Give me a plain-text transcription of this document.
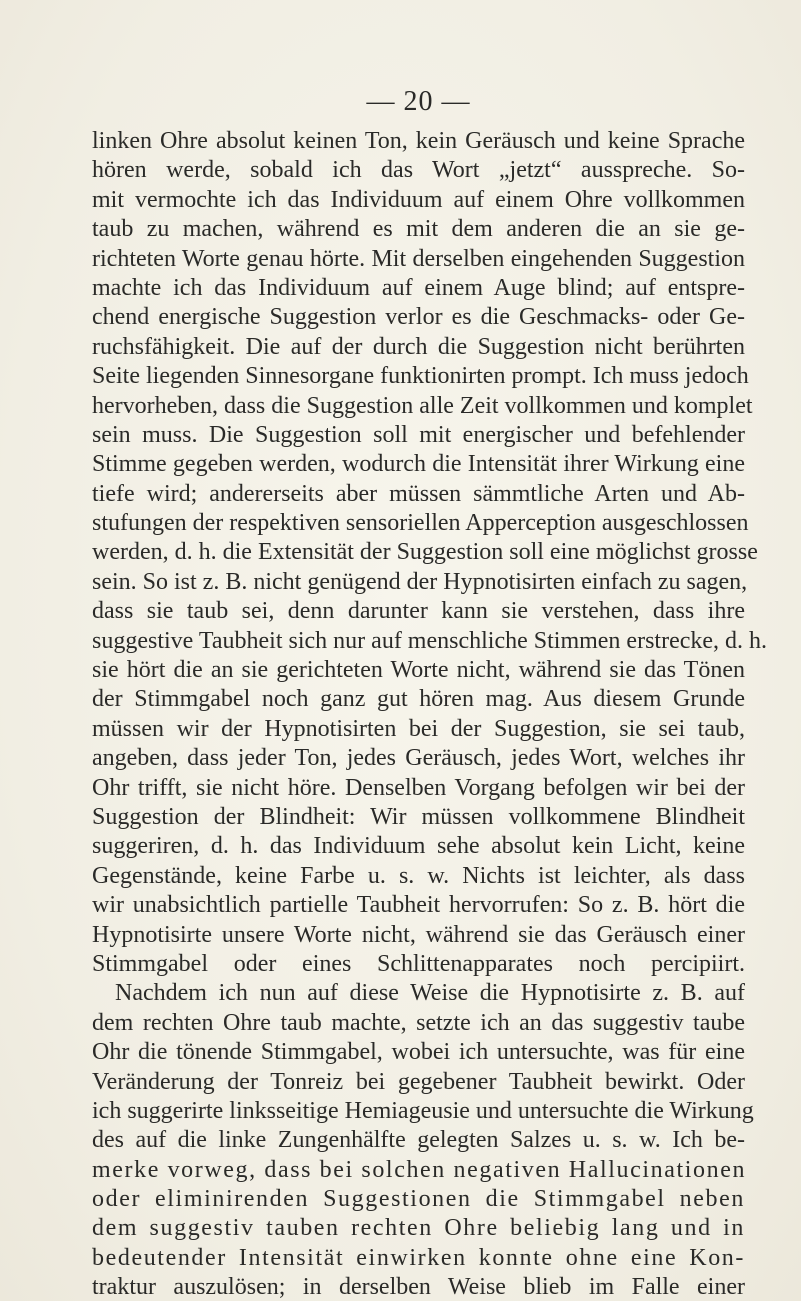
— 20 —
linken Ohre absolut keinen Ton, kein Geräusch und keine Sprache
hören werde, sobald ich das Wort „jetzt“ ausspreche. So-
mit vermochte ich das Individuum auf einem Ohre vollkommen
taub zu machen, während es mit dem anderen die an sie ge-
richteten Worte genau hörte. Mit derselben eingehenden Suggestion
machte ich das Individuum auf einem Auge blind; auf entspre-
chend energische Suggestion verlor es die Geschmacks- oder Ge-
ruchsfähigkeit. Die auf der durch die Suggestion nicht berührten
Seite liegenden Sinnesorgane funktionirten prompt. Ich muss jedoch
hervorheben, dass die Suggestion alle Zeit vollkommen und komplet
sein muss. Die Suggestion soll mit energischer und befehlender
Stimme gegeben werden, wodurch die Intensität ihrer Wirkung eine
tiefe wird; andererseits aber müssen sämmtliche Arten und Ab-
stufungen der respektiven sensoriellen Apperception ausgeschlossen
werden, d. h. die Extensität der Suggestion soll eine möglichst grosse
sein. So ist z. B. nicht genügend der Hypnotisirten einfach zu sagen,
dass sie taub sei, denn darunter kann sie verstehen, dass ihre
suggestive Taubheit sich nur auf menschliche Stimmen erstrecke, d. h.
sie hört die an sie gerichteten Worte nicht, während sie das Tönen
der Stimmgabel noch ganz gut hören mag. Aus diesem Grunde
müssen wir der Hypnotisirten bei der Suggestion, sie sei taub,
angeben, dass jeder Ton, jedes Geräusch, jedes Wort, welches ihr
Ohr trifft, sie nicht höre. Denselben Vorgang befolgen wir bei der
Suggestion der Blindheit: Wir müssen vollkommene Blindheit
suggeriren, d. h. das Individuum sehe absolut kein Licht, keine
Gegenstände, keine Farbe u. s. w. Nichts ist leichter, als dass
wir unabsichtlich partielle Taubheit hervorrufen: So z. B. hört die
Hypnotisirte unsere Worte nicht, während sie das Geräusch einer
Stimmgabel oder eines Schlittenapparates noch percipiirt.
Nachdem ich nun auf diese Weise die Hypnotisirte z. B. auf
dem rechten Ohre taub machte, setzte ich an das suggestiv taube
Ohr die tönende Stimmgabel, wobei ich untersuchte, was für eine
Veränderung der Tonreiz bei gegebener Taubheit bewirkt. Oder
ich suggerirte linksseitige Hemiageusie und untersuchte die Wirkung
des auf die linke Zungenhälfte gelegten Salzes u. s. w. Ich be-
merke vorweg, dass bei solchen negativen Hallucinationen
oder eliminirenden Suggestionen die Stimmgabel neben
dem suggestiv tauben rechten Ohre beliebig lang und in
bedeutender Intensität einwirken konnte ohne eine Kon-
traktur auszulösen; in derselben Weise blieb im Falle einer
